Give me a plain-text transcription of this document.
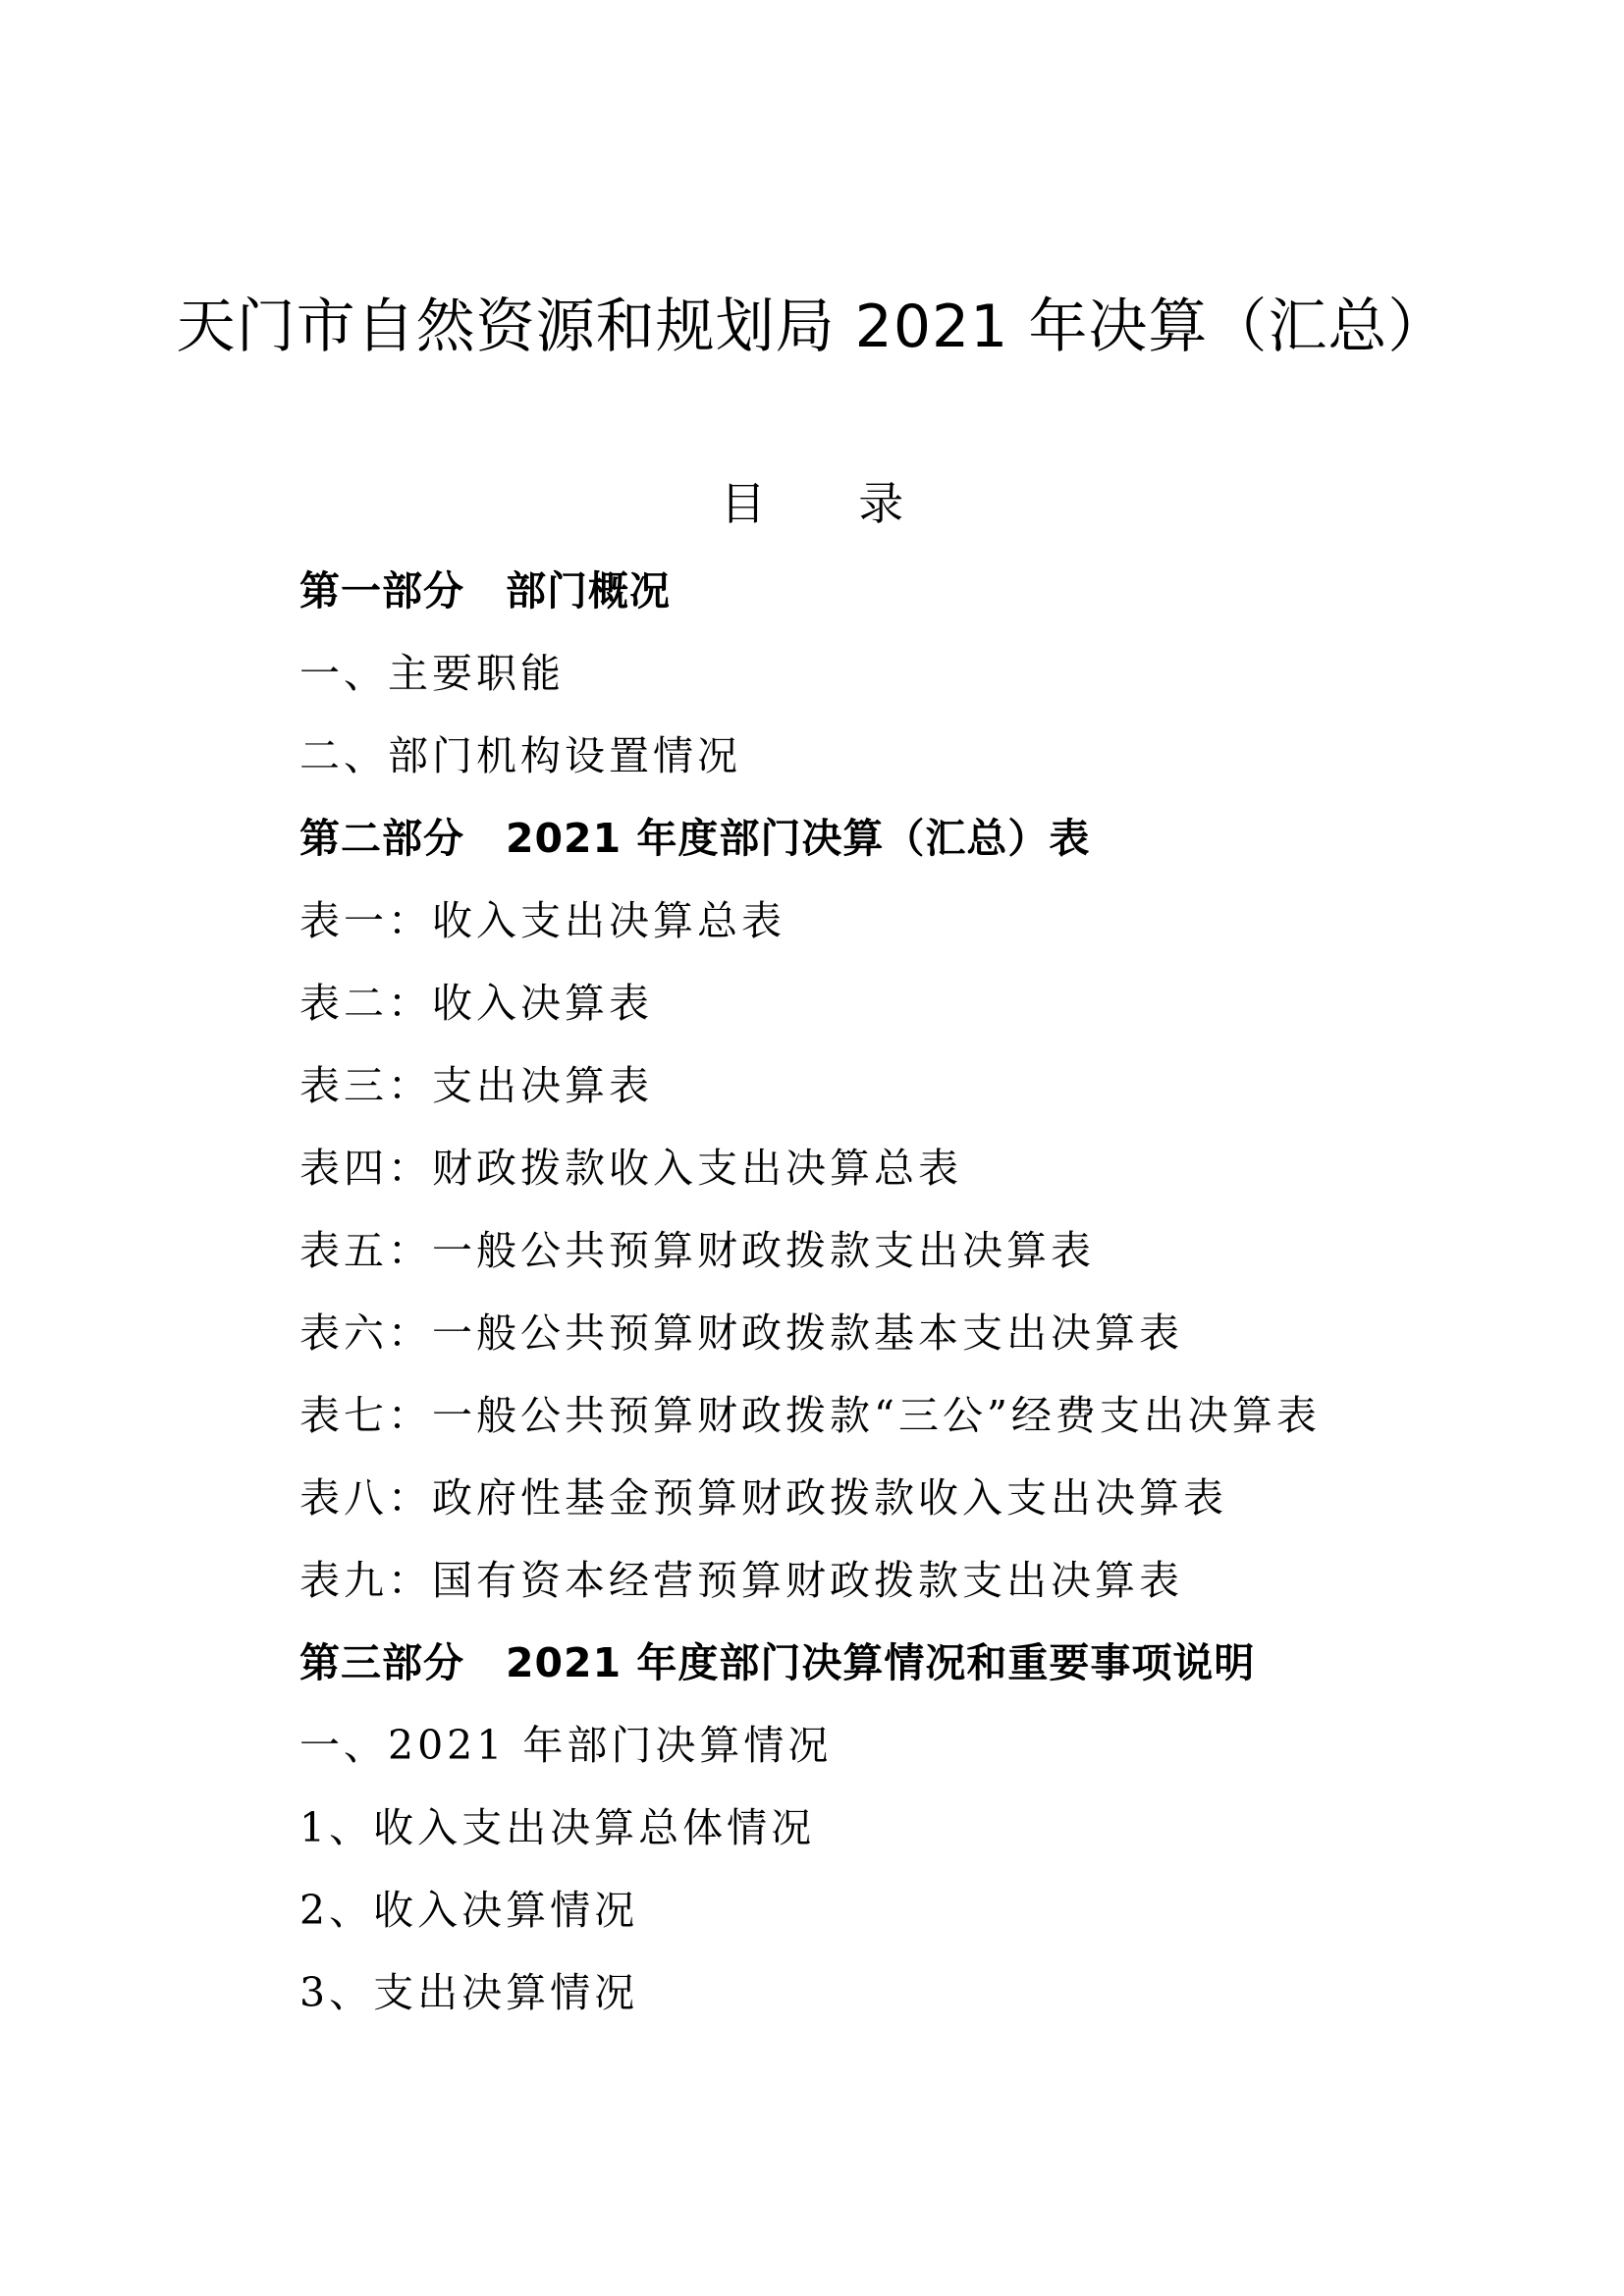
天门市自然资源和规划局 2021 年决算（汇总）
目 录
第一部分　部门概况
一、主要职能
二、部门机构设置情况
第二部分　2021 年度部门决算（汇总）表
表一：收入支出决算总表
表二：收入决算表
表三：支出决算表
表四：财政拨款收入支出决算总表
表五：一般公共预算财政拨款支出决算表
表六：一般公共预算财政拨款基本支出决算表
表七：一般公共预算财政拨款“三公”经费支出决算表
表八：政府性基金预算财政拨款收入支出决算表
表九：国有资本经营预算财政拨款支出决算表
第三部分　2021 年度部门决算情况和重要事项说明
一、2021 年部门决算情况
1、收入支出决算总体情况
2、收入决算情况
3、支出决算情况
